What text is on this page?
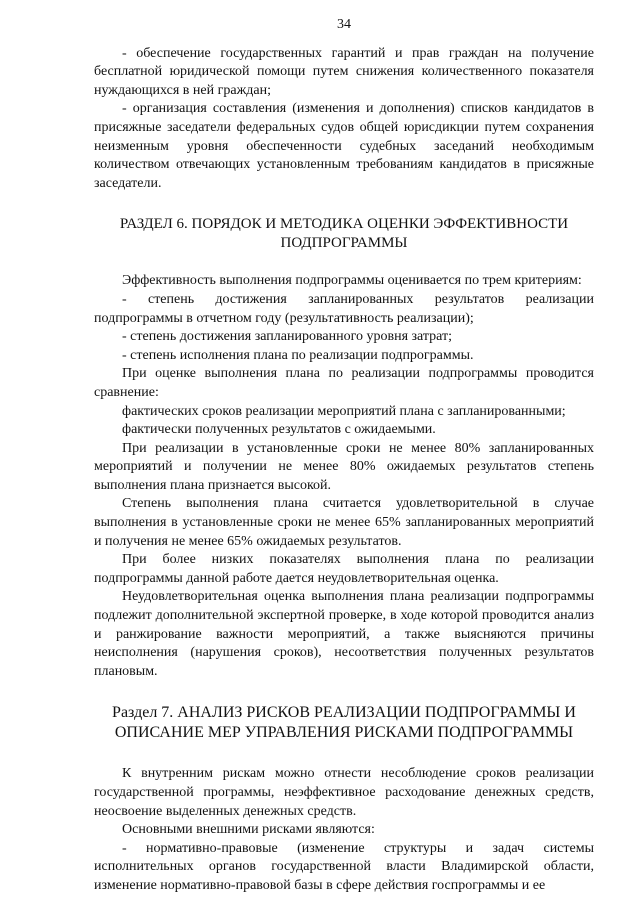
34

- обеспечение государственных гарантий и прав граждан на получение бесплатной юридической помощи путем снижения количественного показателя нуждающихся в ней граждан;

- организация составления (изменения и дополнения) списков кандидатов в присяжные заседатели федеральных судов общей юрисдикции путем сохранения неизменным уровня обеспеченности судебных заседаний необходимым количеством отвечающих установленным требованиям кандидатов в присяжные заседатели.

РАЗДЕЛ 6. ПОРЯДОК И МЕТОДИКА ОЦЕНКИ ЭФФЕКТИВНОСТИ ПОДПРОГРАММЫ

Эффективность выполнения подпрограммы оценивается по трем критериям:

- степень достижения запланированных результатов реализации подпрограммы в отчетном году (результативность реализации);

- степень достижения запланированного уровня затрат;

- степень исполнения плана по реализации подпрограммы.

При оценке выполнения плана по реализации подпрограммы проводится сравнение:

фактических сроков реализации мероприятий плана с запланированными;

фактически полученных результатов с ожидаемыми.

При реализации в установленные сроки не менее 80% запланированных мероприятий и получении не менее 80% ожидаемых результатов степень выполнения плана признается высокой.

Степень выполнения плана считается удовлетворительной в случае выполнения в установленные сроки не менее 65% запланированных мероприятий и получения не менее 65% ожидаемых результатов.

При более низких показателях выполнения плана по реализации подпрограммы данной работе дается неудовлетворительная оценка.

Неудовлетворительная оценка выполнения плана реализации подпрограммы подлежит дополнительной экспертной проверке, в ходе которой проводится анализ и ранжирование важности мероприятий, а также выясняются причины неисполнения (нарушения сроков), несоответствия полученных результатов плановым.

Раздел 7. АНАЛИЗ РИСКОВ РЕАЛИЗАЦИИ ПОДПРОГРАММЫ И ОПИСАНИЕ МЕР УПРАВЛЕНИЯ РИСКАМИ ПОДПРОГРАММЫ

К внутренним рискам можно отнести несоблюдение сроков реализации государственной программы, неэффективное расходование денежных средств, неосвоение выделенных денежных средств.

Основными внешними рисками являются:

- нормативно-правовые (изменение структуры и задач системы исполнительных органов государственной власти Владимирской области, изменение нормативно-правовой базы в сфере действия госпрограммы и ее
